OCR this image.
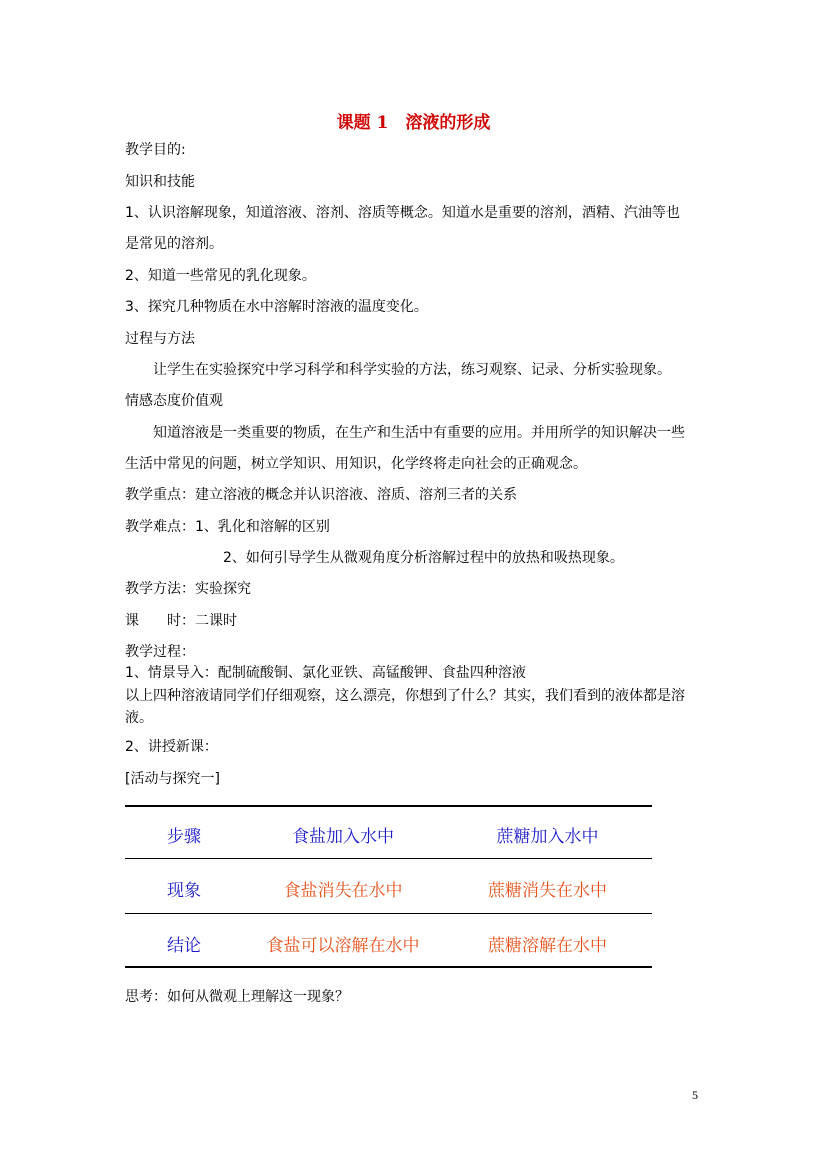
课题 1　溶液的形成
教学目的:
知识和技能
1、认识溶解现象，知道溶液、溶剂、溶质等概念。知道水是重要的溶剂，酒精、汽油等也
是常见的溶剂。
2、知道一些常见的乳化现象。
3、探究几种物质在水中溶解时溶液的温度变化。
过程与方法
让学生在实验探究中学习科学和科学实验的方法，练习观察、记录、分析实验现象。
情感态度价值观
知道溶液是一类重要的物质，在生产和生活中有重要的应用。并用所学的知识解决一些
生活中常见的问题，树立学知识、用知识，化学终将走向社会的正确观念。
教学重点：建立溶液的概念并认识溶液、溶质、溶剂三者的关系
教学难点：1、乳化和溶解的区别
2、如何引导学生从微观角度分析溶解过程中的放热和吸热现象。
教学方法：实验探究
课　　时：二课时
教学过程：
1、情景导入：配制硫酸铜、氯化亚铁、高锰酸钾、食盐四种溶液
以上四种溶液请同学们仔细观察，这么漂亮，你想到了什么？其实，我们看到的液体都是溶
液。
2、讲授新课：
[活动与探究一]
步骤	食盐加入水中	蔗糖加入水中
现象	食盐消失在水中	蔗糖消失在水中
结论	食盐可以溶解在水中	蔗糖溶解在水中
思考：如何从微观上理解这一现象？
5
